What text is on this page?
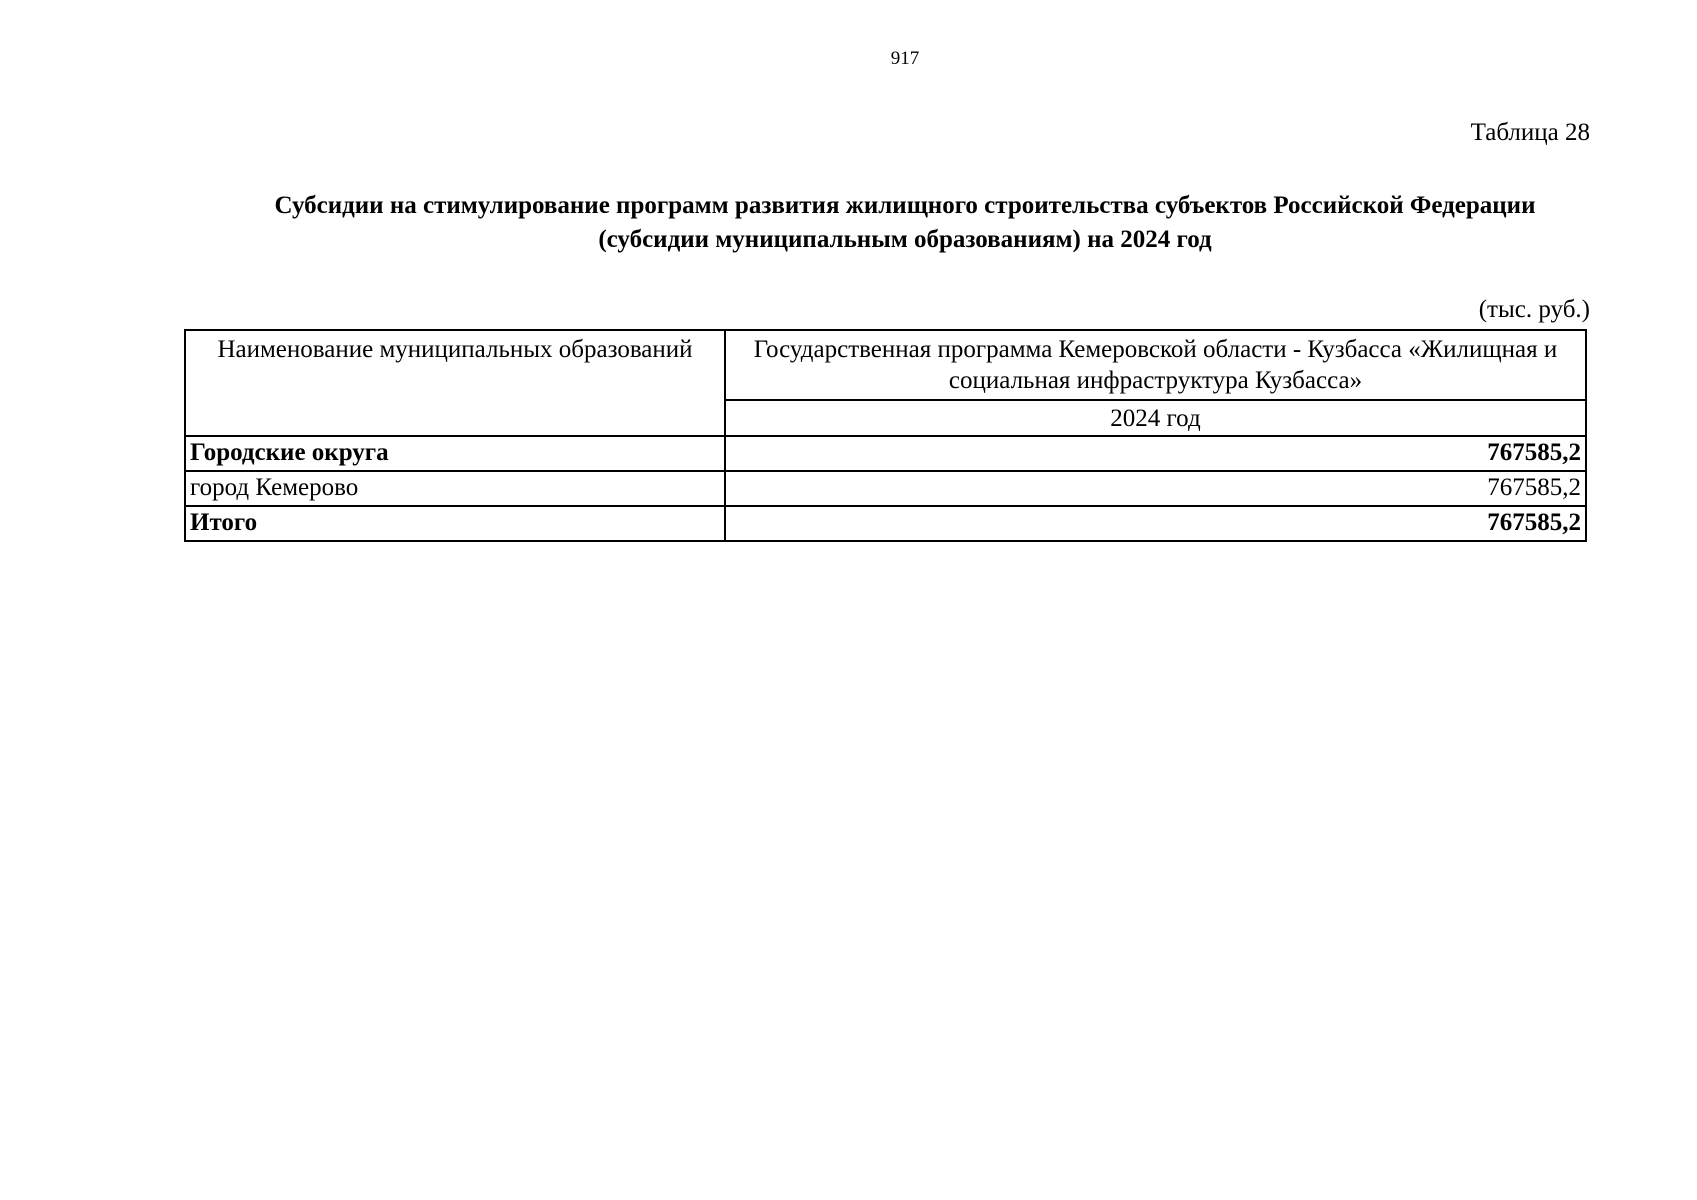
917
Таблица 28
Субсидии на стимулирование программ развития жилищного строительства субъектов Российской Федерации
(субсидии муниципальным образованиям) на 2024 год
(тыс. руб.)
Наименование муниципальных образований	Государственная программа Кемеровской области - Кузбасса «Жилищная и социальная инфраструктура Кузбасса»
	2024 год
Городские округа	767585,2
город Кемерово	767585,2
Итого	767585,2
